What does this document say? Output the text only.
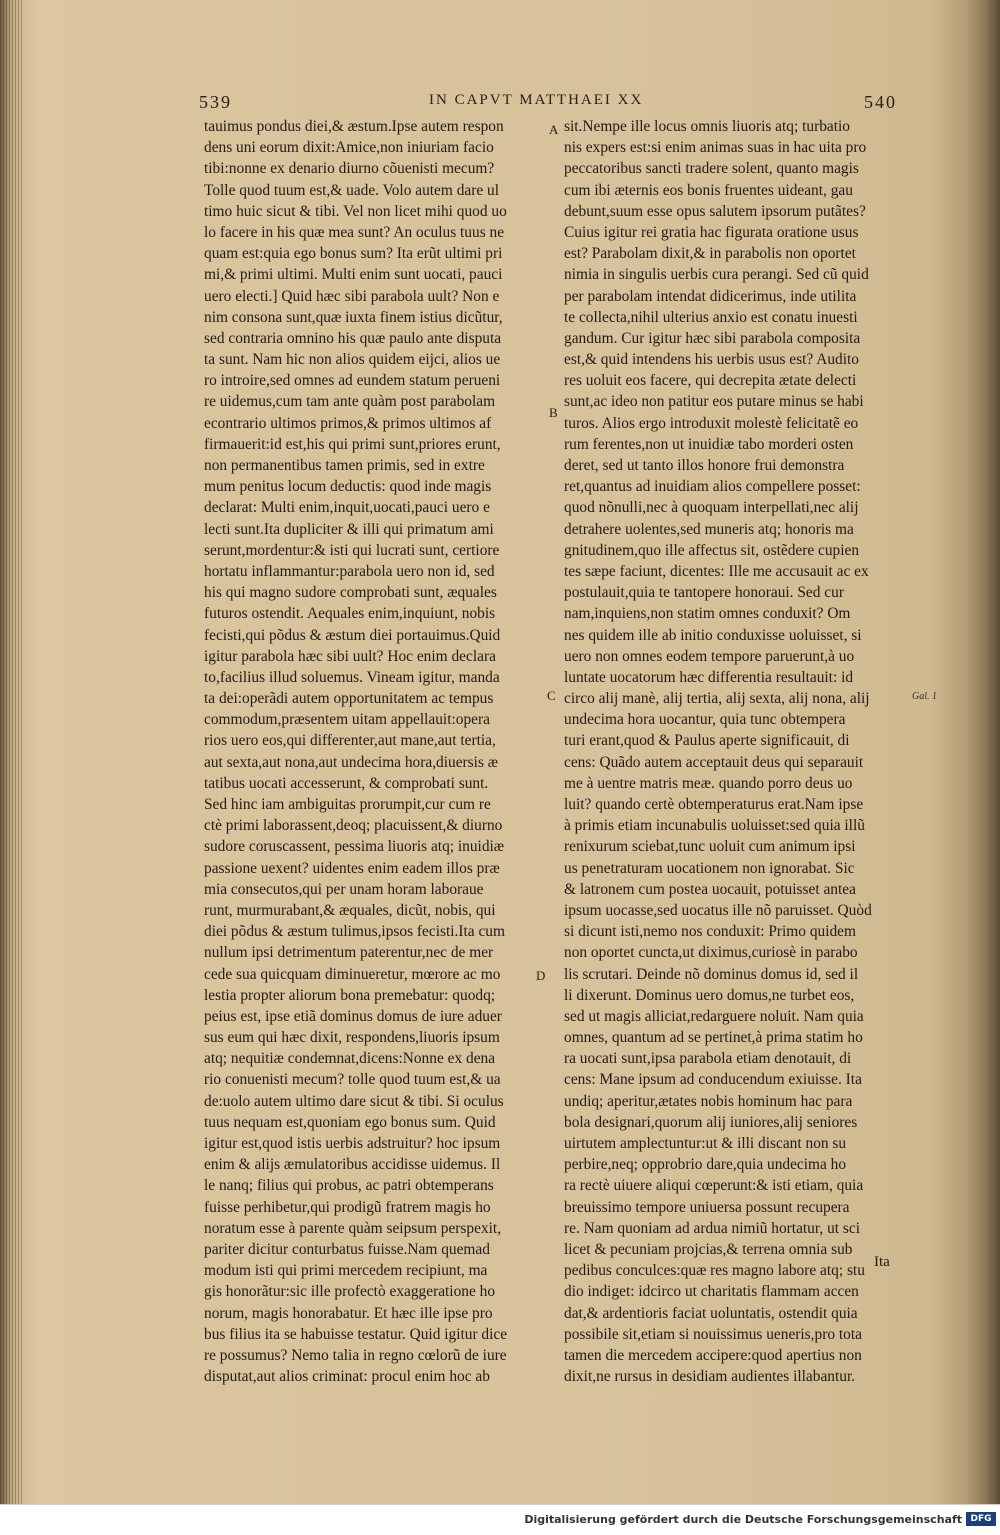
539	IN CAPVT MATTHAEI XX	540
tauimus pondus diei,& æstum.Ipse autem respon
dens uni eorum dixit:Amice,non iniuriam facio
tibi:nonne ex denario diurno cõuenisti mecum?
Tolle quod tuum est,& uade. Volo autem dare ul
timo huic sicut & tibi. Vel non licet mihi quod uo
lo facere in his quæ mea sunt? An oculus tuus ne
quam est:quia ego bonus sum? Ita erũt ultimi pri
mi,& primi ultimi. Multi enim sunt uocati, pauci
uero electi.] Quid hæc sibi parabola uult? Non e
nim consona sunt,quæ iuxta finem istius dicũtur,
sed contraria omnino his quæ paulo ante disputa
ta sunt. Nam hic non alios quidem eijci, alios ue
ro introire,sed omnes ad eundem statum perueni
re uidemus,cum tam ante quàm post parabolam
econtrario ultimos primos,& primos ultimos af
firmauerit:id est,his qui primi sunt,priores erunt,
non permanentibus tamen primis, sed in extre
mum penitus locum deductis: quod inde magis
declarat: Multi enim,inquit,uocati,pauci uero e
lecti sunt.Ita dupliciter & illi qui primatum ami
serunt,mordentur:& isti qui lucrati sunt, certiore
hortatu inflammantur:parabola uero non id, sed
his qui magno sudore comprobati sunt, æquales
futuros ostendit. Aequales enim,inquiunt, nobis
fecisti,qui põdus & æstum diei portauimus.Quid
igitur parabola hæc sibi uult? Hoc enim declara
to,facilius illud soluemus. Vineam igitur, manda
ta dei:operãdi autem opportunitatem ac tempus
commodum,præsentem uitam appellauit:opera
rios uero eos,qui differenter,aut mane,aut tertia,
aut sexta,aut nona,aut undecima hora,diuersis æ
tatibus uocati accesserunt, & comprobati sunt.
Sed hinc iam ambiguitas prorumpit,cur cum re
ctè primi laborassent,deoq; placuissent,& diurno
sudore coruscassent, pessima liuoris atq; inuidiæ
passione uexent? uidentes enim eadem illos præ
mia consecutos,qui per unam horam laboraue
runt, murmurabant,& æquales, dicũt, nobis, qui
diei põdus & æstum tulimus,ipsos fecisti.Ita cum
nullum ipsi detrimentum paterentur,nec de mer
cede sua quicquam diminueretur, mœrore ac mo
lestia propter aliorum bona premebatur: quodq;
peius est, ipse etiã dominus domus de iure aduer
sus eum qui hæc dixit, respondens,liuoris ipsum
atq; nequitiæ condemnat,dicens:Nonne ex dena
rio conuenisti mecum? tolle quod tuum est,& ua
de:uolo autem ultimo dare sicut & tibi. Si oculus
tuus nequam est,quoniam ego bonus sum. Quid
igitur est,quod istis uerbis adstruitur? hoc ipsum
enim & alijs æmulatoribus accidisse uidemus. Il
le nanq; filius qui probus, ac patri obtemperans
fuisse perhibetur,qui prodigũ fratrem magis ho
noratum esse à parente quàm seipsum perspexit,
pariter dicitur conturbatus fuisse.Nam quemad
modum isti qui primi mercedem recipiunt, ma
gis honorãtur:sic ille profectò exaggeratione ho
norum, magis honorabatur. Et hæc ille ipse pro
bus filius ita se habuisse testatur. Quid igitur dice
re possumus? Nemo talia in regno cœlorũ de iure
disputat,aut alios criminat: procul enim hoc ab
sit.Nempe ille locus omnis liuoris atq; turbatio
nis expers est:si enim animas suas in hac uita pro
peccatoribus sancti tradere solent, quanto magis
cum ibi æternis eos bonis fruentes uideant, gau
debunt,suum esse opus salutem ipsorum putãtes?
Cuius igitur rei gratia hac figurata oratione usus
est? Parabolam dixit,& in parabolis non oportet
nimia in singulis uerbis cura perangi. Sed cũ quid
per parabolam intendat didicerimus, inde utilita
te collecta,nihil ulterius anxio est conatu inuesti
gandum. Cur igitur hæc sibi parabola composita
est,& quid intendens his uerbis usus est? Audito
res uoluit eos facere, qui decrepita ætate delecti
sunt,ac ideo non patitur eos putare minus se habi
turos. Alios ergo introduxit molestè felicitatẽ eo
rum ferentes,non ut inuidiæ tabo morderi osten
deret, sed ut tanto illos honore frui demonstra
ret,quantus ad inuidiam alios compellere posset:
quod nõnulli,nec à quoquam interpellati,nec alij
detrahere uolentes,sed muneris atq; honoris ma
gnitudinem,quo ille affectus sit, ostẽdere cupien
tes sæpe faciunt, dicentes: Ille me accusauit ac ex
postulauit,quia te tantopere honoraui. Sed cur
nam,inquiens,non statim omnes conduxit? Om
nes quidem ille ab initio conduxisse uoluisset, si
uero non omnes eodem tempore paruerunt,à uo
luntate uocatorum hæc differentia resultauit: id
circo alij manè, alij tertia, alij sexta, alij nona, alij
undecima hora uocantur, quia tunc obtempera
turi erant,quod & Paulus aperte significauit, di
cens: Quãdo autem acceptauit deus qui separauit
me à uentre matris meæ. quando porro deus uo
luit? quando certè obtemperaturus erat.Nam ipse
à primis etiam incunabulis uoluisset:sed quia illũ
renixurum sciebat,tunc uoluit cum animum ipsi
us penetraturam uocationem non ignorabat. Sic
& latronem cum postea uocauit, potuisset antea
ipsum uocasse,sed uocatus ille nõ paruisset. Quòd
si dicunt isti,nemo nos conduxit: Primo quidem
non oportet cuncta,ut diximus,curiosè in parabo
lis scrutari. Deinde nõ dominus domus id, sed il
li dixerunt. Dominus uero domus,ne turbet eos,
sed ut magis alliciat,redarguere noluit. Nam quia
omnes, quantum ad se pertinet,à prima statim ho
ra uocati sunt,ipsa parabola etiam denotauit, di
cens: Mane ipsum ad conducendum exiuisse. Ita
undiq; aperitur,ætates nobis hominum hac para
bola designari,quorum alij iuniores,alij seniores
uirtutem amplectuntur:ut & illi discant non su
perbire,neq; opprobrio dare,quia undecima ho
ra rectè uiuere aliqui cœperunt:& isti etiam, quia
breuissimo tempore uniuersa possunt recupera
re. Nam quoniam ad ardua nimiũ hortatur, ut sci
licet & pecuniam projcias,& terrena omnia sub
pedibus conculces:quæ res magno labore atq; stu
dio indiget: idcirco ut charitatis flammam accen
dat,& ardentioris faciat uoluntatis, ostendit quia
possibile sit,etiam si nouissimus ueneris,pro tota
tamen die mercedem accipere:quod apertius non
dixit,ne rursus in desidiam audientes illabantur.
A
B
C
D
Gal. 1
Ita
Digitalisierung gefördert durch die Deutsche Forschungsgemeinschaft DFG
